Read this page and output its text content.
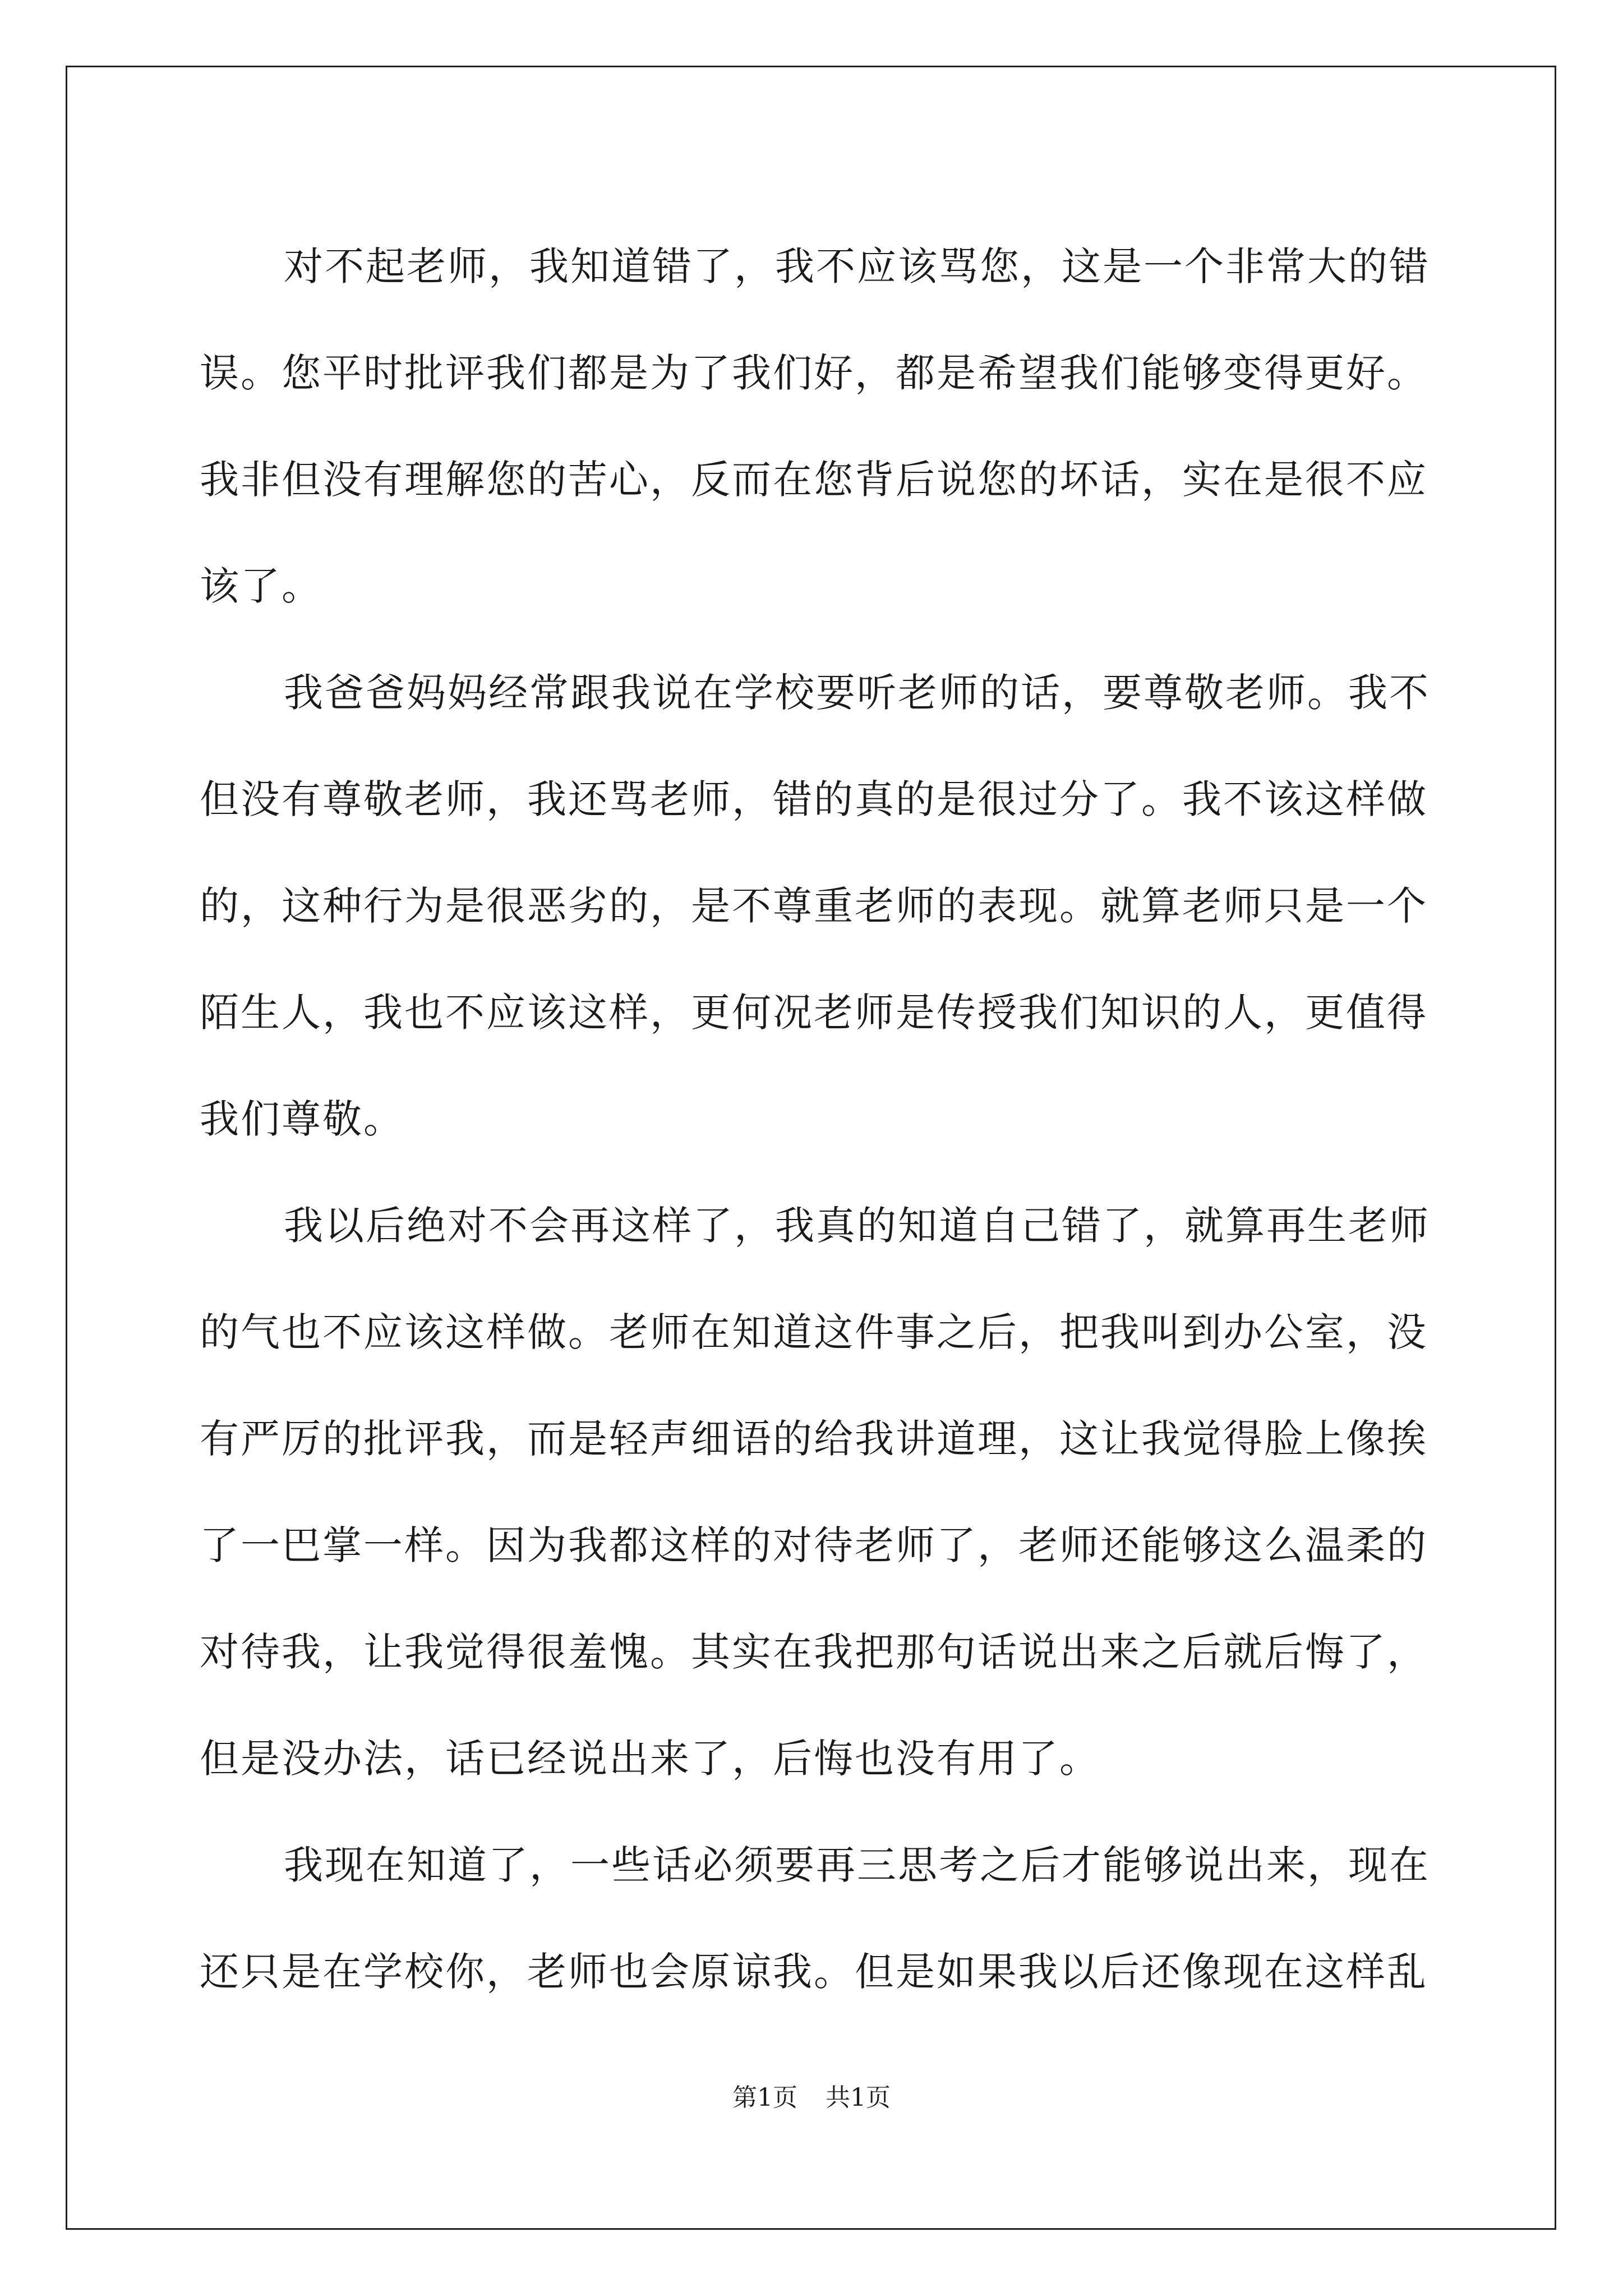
对不起老师，我知道错了，我不应该骂您，这是一个非常大的错
误。您平时批评我们都是为了我们好，都是希望我们能够变得更好。
我非但没有理解您的苦心，反而在您背后说您的坏话，实在是很不应
该了。

我爸爸妈妈经常跟我说在学校要听老师的话，要尊敬老师。我不
但没有尊敬老师，我还骂老师，错的真的是很过分了。我不该这样做
的，这种行为是很恶劣的，是不尊重老师的表现。就算老师只是一个
陌生人，我也不应该这样，更何况老师是传授我们知识的人，更值得
我们尊敬。

我以后绝对不会再这样了，我真的知道自己错了，就算再生老师
的气也不应该这样做。老师在知道这件事之后，把我叫到办公室，没
有严厉的批评我，而是轻声细语的给我讲道理，这让我觉得脸上像挨
了一巴掌一样。因为我都这样的对待老师了，老师还能够这么温柔的
对待我，让我觉得很羞愧。其实在我把那句话说出来之后就后悔了，
但是没办法，话已经说出来了，后悔也没有用了。

我现在知道了，一些话必须要再三思考之后才能够说出来，现在
还只是在学校你，老师也会原谅我。但是如果我以后还像现在这样乱

第1页 共1页
